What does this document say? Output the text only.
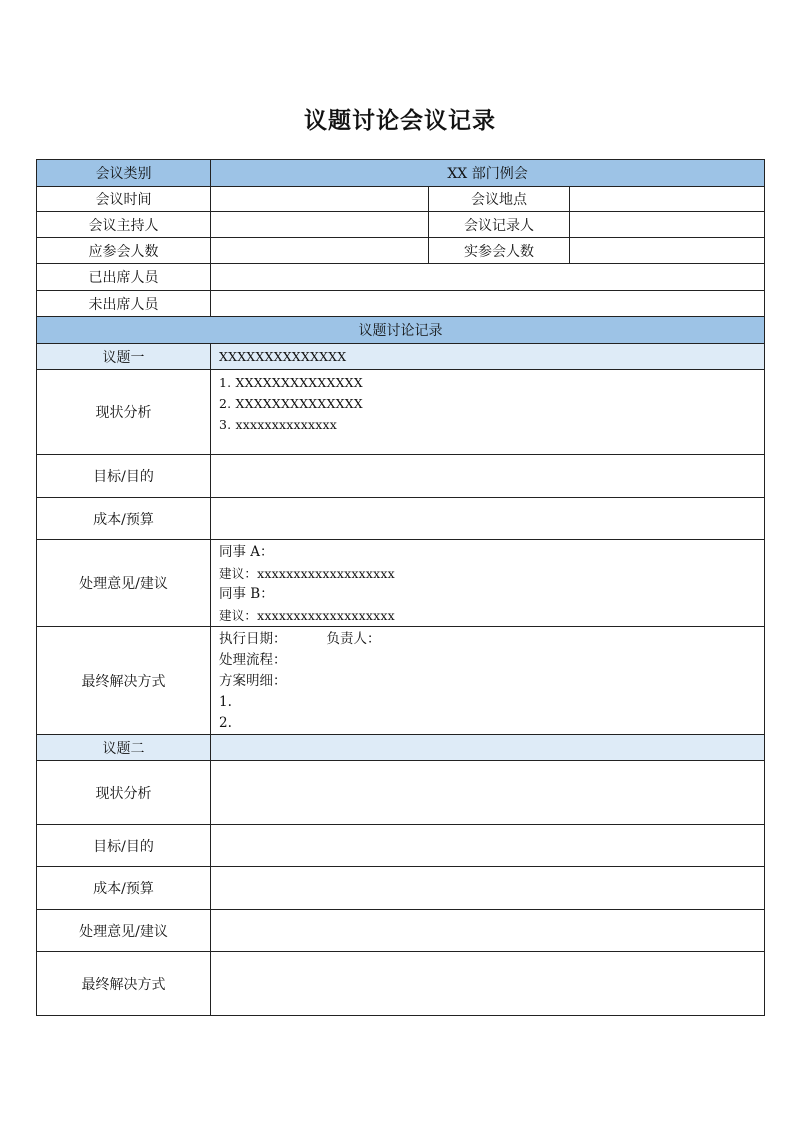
议题讨论会议记录
会议类别	XX 部门例会		
会议时间		会议地点	
会议主持人		会议记录人	
应参会人数		实参会人数	
已出席人员			
未出席人员			
议题讨论记录			
议题一	XXXXXXXXXXXXXX		
现状分析	1. XXXXXXXXXXXXXX
2. XXXXXXXXXXXXXX
3. xxxxxxxxxxxxxx		

目标/目的			
成本/预算			
处理意见/建议	同事 A：
建议：xxxxxxxxxxxxxxxxxxx
同事 B：
建议：xxxxxxxxxxxxxxxxxxx		

最终解决方式	执行日期： 负责人：
处理流程：
方案明细：
1.
2.		

议题二			
现状分析			
目标/目的			
成本/预算			
处理意见/建议			
最终解决方式			
